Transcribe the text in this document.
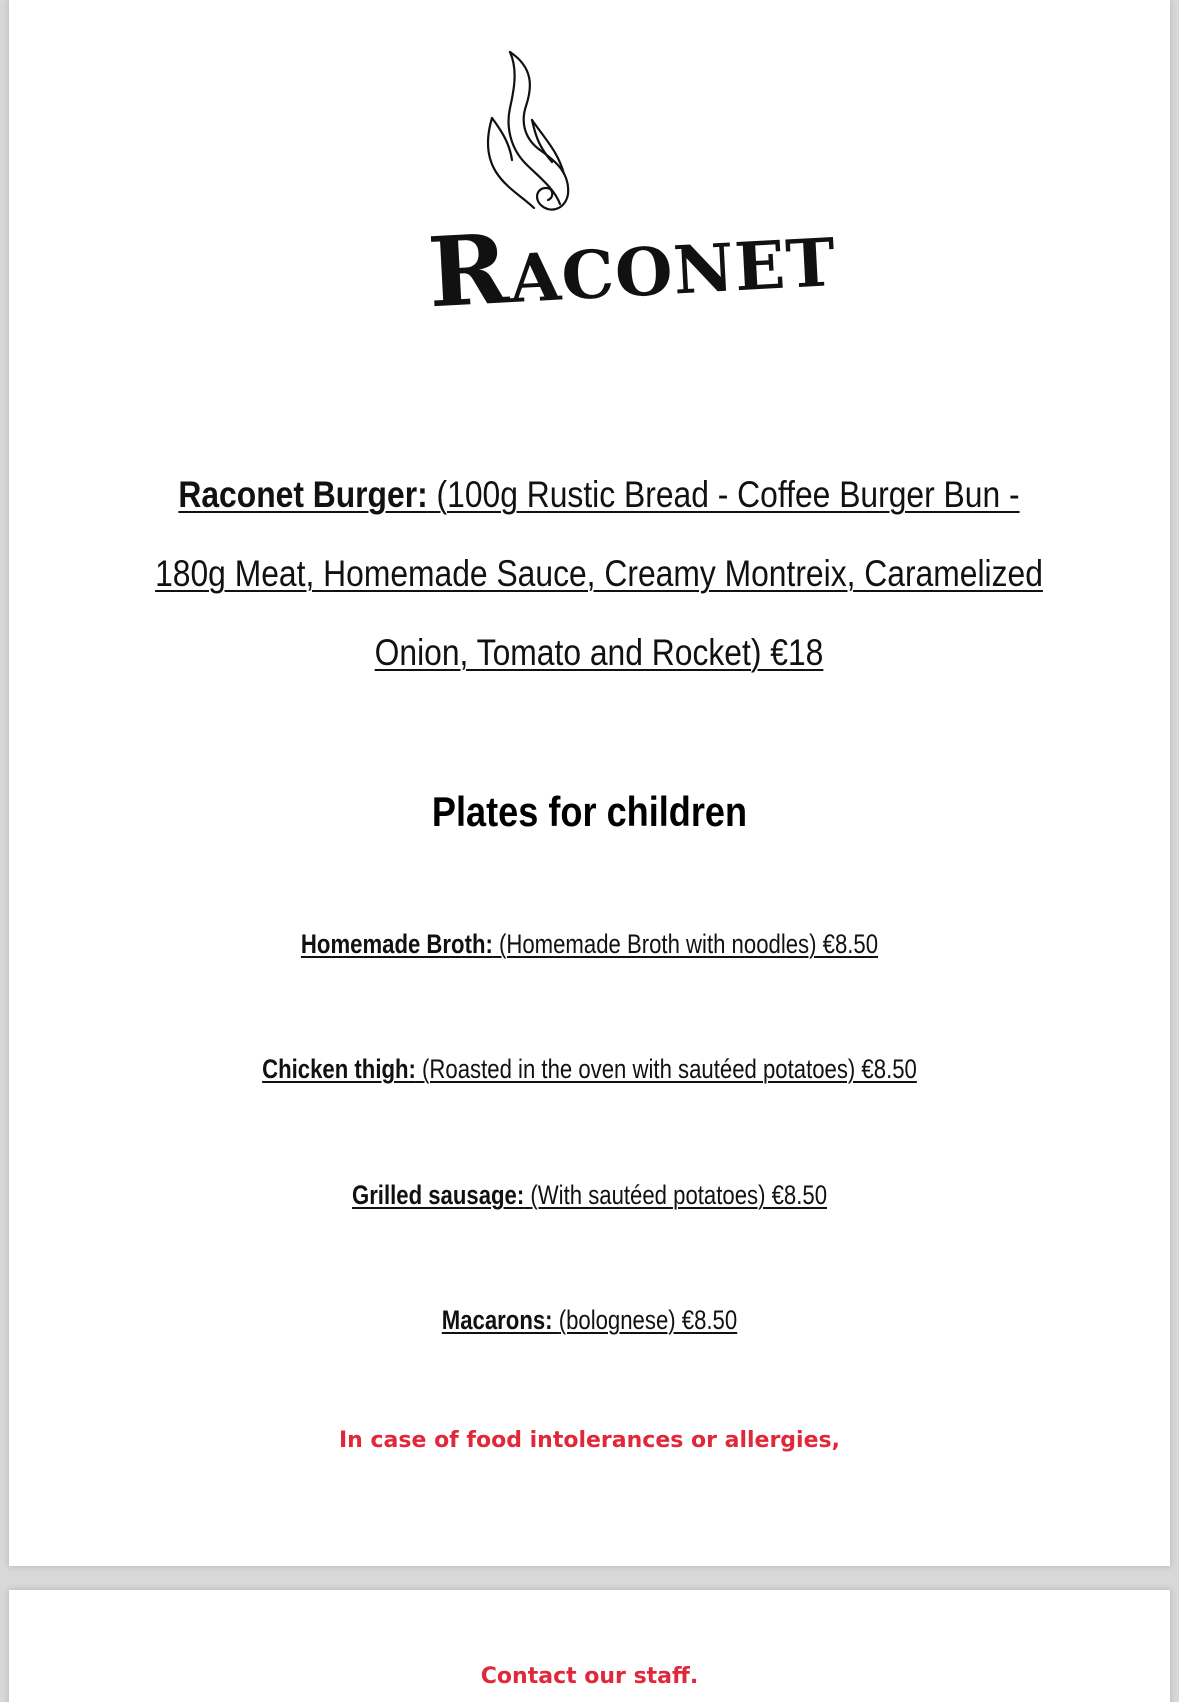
RACONET
Raconet Burger: (100g Rustic Bread - Coffee Burger Bun - 180g Meat, Homemade Sauce, Creamy Montreix, Caramelized Onion, Tomato and Rocket) €18
Plates for children
Homemade Broth: (Homemade Broth with noodles) €8.50
Chicken thigh: (Roasted in the oven with sautéed potatoes) €8.50
Grilled sausage: (With sautéed potatoes) €8.50
Macarons: (bolognese) €8.50
In case of food intolerances or allergies,
Contact our staff.
